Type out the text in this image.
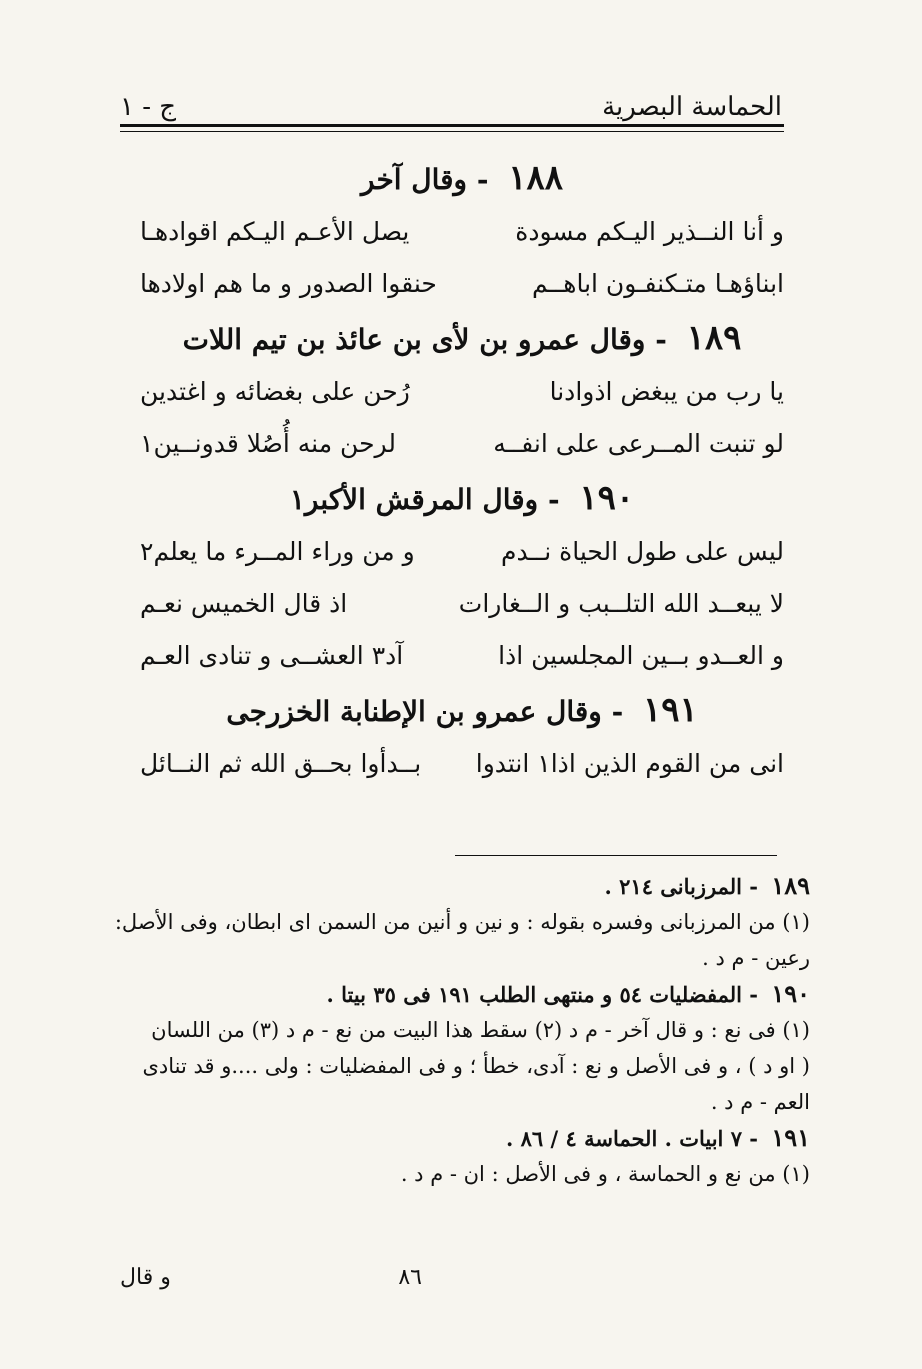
الحماسة البصرية
ج - ١
١٨٨ - وقال آخر
و أنا النــذير اليـكم مسودة
يصل الأعـم اليـكم اقوادهـا
ابناؤهـا متـكنفـون اباهــم
حنقوا الصدور و ما هم اولادها
١٨٩ - وقال عمرو بن لأى بن عائذ بن تيم اللات
يا رب من يبغض اذوادنا
رُحن على بغضائه و اغتدين
لو تنبت المــرعى على انفــه
لرحن منه أُصُلا قدونــين١
١٩٠ - وقال المرقش الأكبر١
ليس على طول الحياة نــدم
و من وراء المــرء ما يعلم٢
لا يبعــد الله التلــبب و الــغارات
اذ قال الخميس نعـم
و العــدو بــين المجلسين اذا
آد٣ العشــى و تنادى العـم
١٩١ - وقال عمرو بن الإطنابة الخزرجى
انى من القوم الذين اذا١ انتدوا
بــدأوا بحــق الله ثم النــائل
١٨٩ - المرزبانى ٢١٤ .
(١) من المرزبانى وفسره بقوله : و نين و أنين من السمن اى ابطان، وفى الأصل:
رعين - م د .
١٩٠ - المفضليات ٥٤ و منتهى الطلب ١٩١ فى ٣٥ بيتا .
(١) فى نع : و قال آخر - م د (٢) سقط هذا البيت من نع - م د (٣) من اللسان
( او د ) ، و فى الأصل و نع : آدى، خطأ ؛ و فى المفضليات : ولى ....و قد تنادى
العم - م د .
١٩١ - ٧ ابيات . الحماسة ٤ / ٨٦ .
(١) من نع و الحماسة ، و فى الأصل : ان - م د .
٨٦
و قال
